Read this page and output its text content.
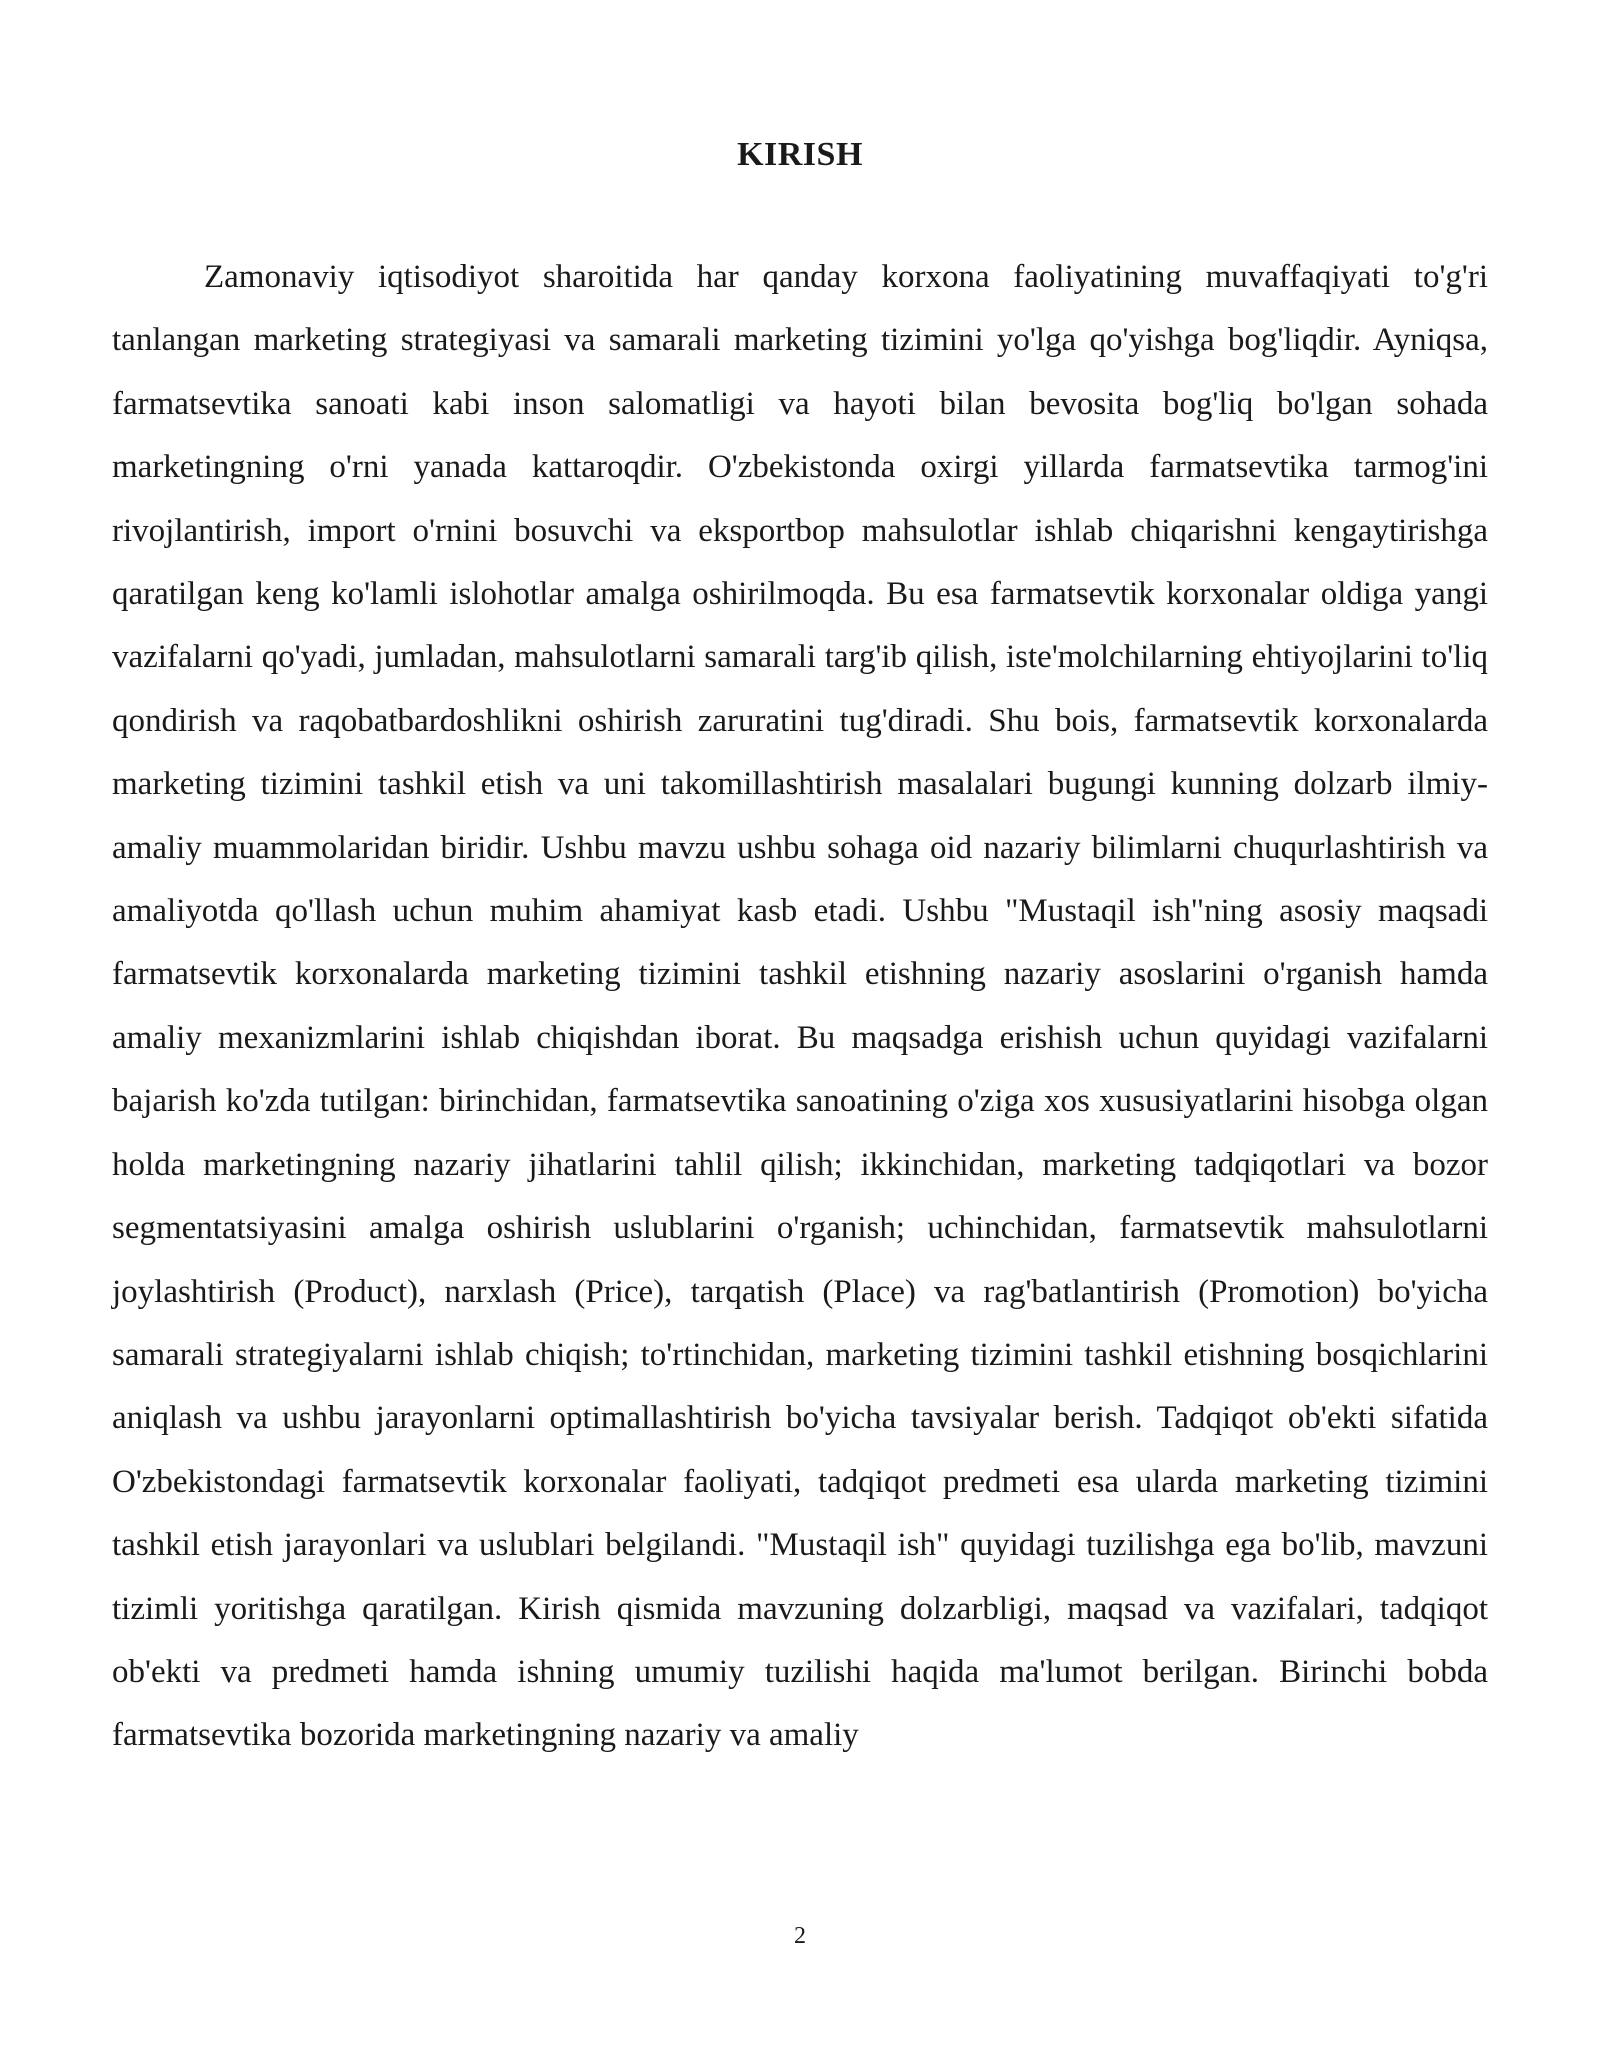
KIRISH

Zamonaviy iqtisodiyot sharoitida har qanday korxona faoliyatining muvaffaqiyati to'g'ri tanlangan marketing strategiyasi va samarali marketing tizimini yo'lga qo'yishga bog'liqdir. Ayniqsa, farmatsevtika sanoati kabi inson salomatligi va hayoti bilan bevosita bog'liq bo'lgan sohada marketingning o'rni yanada kattaroqdir. O'zbekistonda oxirgi yillarda farmatsevtika tarmog'ini rivojlantirish, import o'rnini bosuvchi va eksportbop mahsulotlar ishlab chiqarishni kengaytirishga qaratilgan keng ko'lamli islohotlar amalga oshirilmoqda. Bu esa farmatsevtik korxonalar oldiga yangi vazifalarni qo'yadi, jumladan, mahsulotlarni samarali targ'ib qilish, iste'molchilarning ehtiyojlarini to'liq qondirish va raqobatbardoshlikni oshirish zaruratini tug'diradi. Shu bois, farmatsevtik korxonalarda marketing tizimini tashkil etish va uni takomillashtirish masalalari bugungi kunning dolzarb ilmiy-amaliy muammolaridan biridir. Ushbu mavzu ushbu sohaga oid nazariy bilimlarni chuqurlashtirish va amaliyotda qo'llash uchun muhim ahamiyat kasb etadi. Ushbu "Mustaqil ish"ning asosiy maqsadi farmatsevtik korxonalarda marketing tizimini tashkil etishning nazariy asoslarini o'rganish hamda amaliy mexanizmlarini ishlab chiqishdan iborat. Bu maqsadga erishish uchun quyidagi vazifalarni bajarish ko'zda tutilgan: birinchidan, farmatsevtika sanoatining o'ziga xos xususiyatlarini hisobga olgan holda marketingning nazariy jihatlarini tahlil qilish; ikkinchidan, marketing tadqiqotlari va bozor segmentatsiyasini amalga oshirish uslublarini o'rganish; uchinchidan, farmatsevtik mahsulotlarni joylashtirish (Product), narxlash (Price), tarqatish (Place) va rag'batlantirish (Promotion) bo'yicha samarali strategiyalarni ishlab chiqish; to'rtinchidan, marketing tizimini tashkil etishning bosqichlarini aniqlash va ushbu jarayonlarni optimallashtirish bo'yicha tavsiyalar berish. Tadqiqot ob'ekti sifatida O'zbekistondagi farmatsevtik korxonalar faoliyati, tadqiqot predmeti esa ularda marketing tizimini tashkil etish jarayonlari va uslublari belgilandi. "Mustaqil ish" quyidagi tuzilishga ega bo'lib, mavzuni tizimli yoritishga qaratilgan. Kirish qismida mavzuning dolzarbligi, maqsad va vazifalari, tadqiqot ob'ekti va predmeti hamda ishning umumiy tuzilishi haqida ma'lumot berilgan. Birinchi bobda farmatsevtika bozorida marketingning nazariy va amaliy

2
